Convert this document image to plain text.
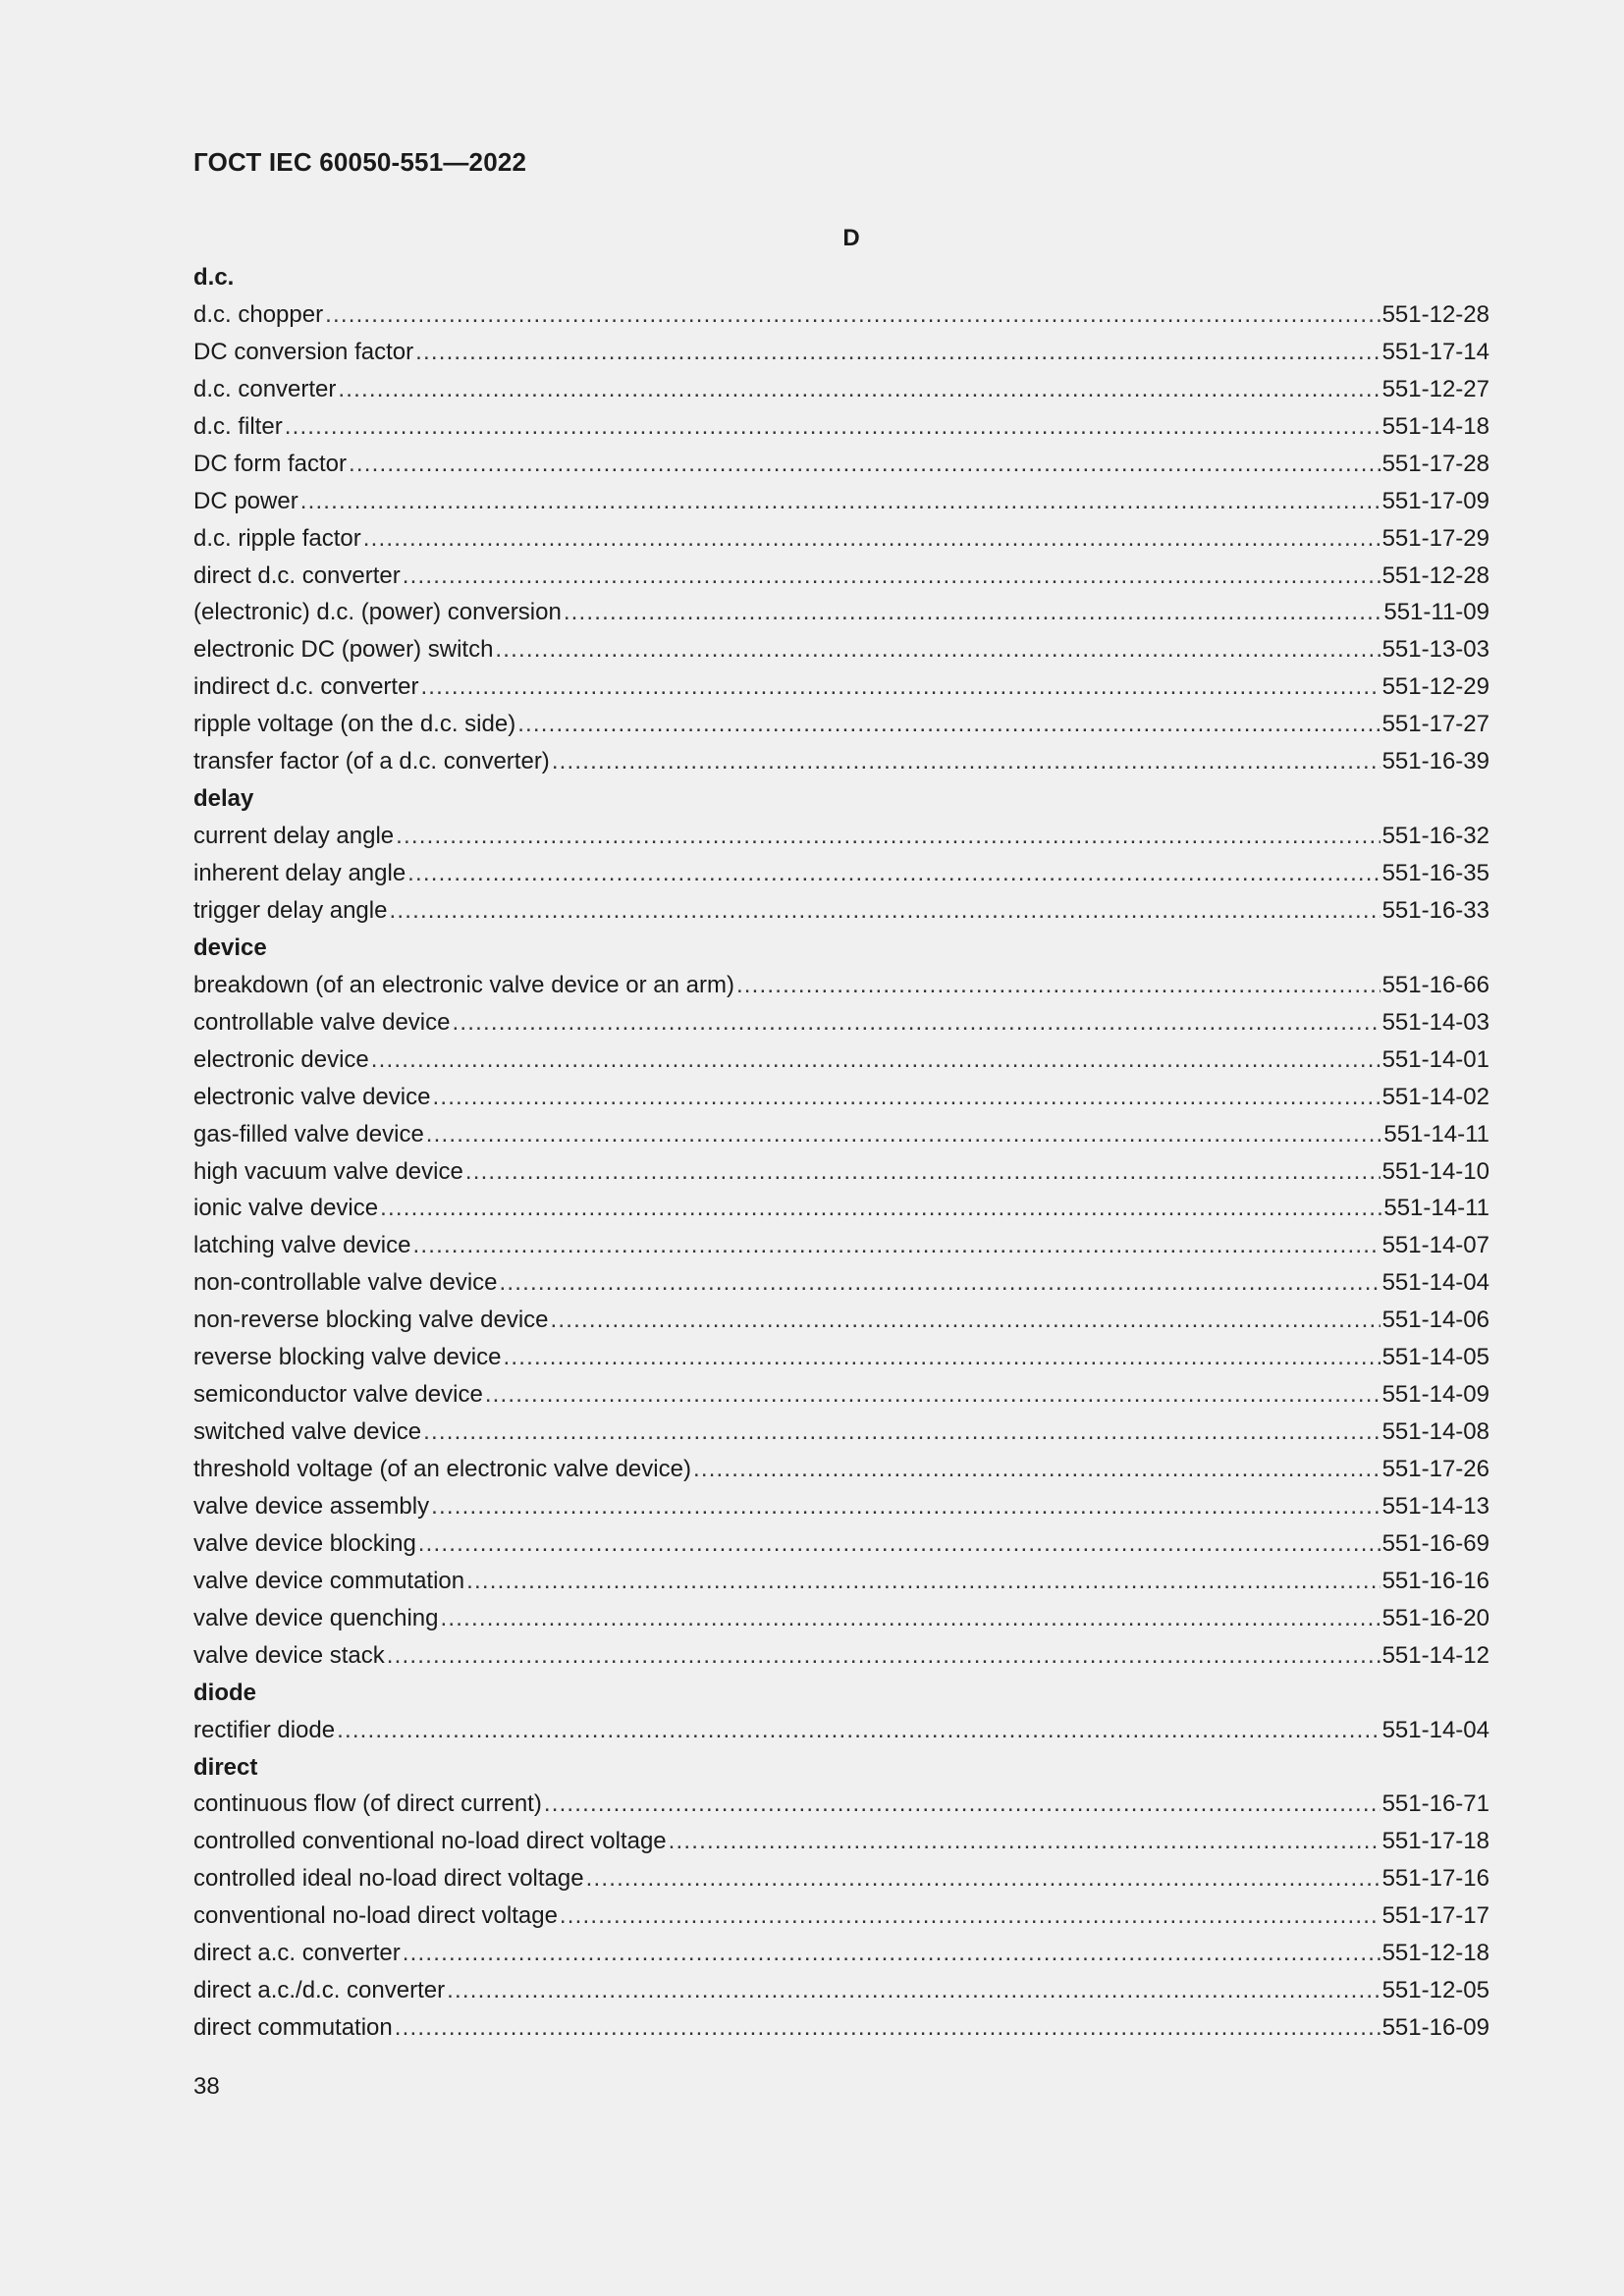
ГОСТ IEC 60050-551—2022
D
d.c.
d.c. chopper .....	551-12-28
DC conversion factor .....	551-17-14
d.c. converter .....	551-12-27
d.c. filter .....	551-14-18
DC form factor .....	551-17-28
DC power .....	551-17-09
d.c. ripple factor .....	551-17-29
direct d.c. converter .....	551-12-28
(electronic) d.c. (power) conversion .....	551-11-09
electronic DC (power) switch .....	551-13-03
indirect d.c. converter .....	551-12-29
ripple voltage (on the d.c. side) .....	551-17-27
transfer factor (of a d.c. converter) .....	551-16-39
delay
current delay angle .....	551-16-32
inherent delay angle .....	551-16-35
trigger delay angle .....	551-16-33
device
breakdown (of an electronic valve device or an arm) .....	551-16-66
controllable valve device .....	551-14-03
electronic device .....	551-14-01
electronic valve device .....	551-14-02
gas-filled valve device .....	551-14-11
high vacuum valve device .....	551-14-10
ionic valve device .....	551-14-11
latching valve device .....	551-14-07
non-controllable valve device .....	551-14-04
non-reverse blocking valve device .....	551-14-06
reverse blocking valve device .....	551-14-05
semiconductor valve device .....	551-14-09
switched valve device .....	551-14-08
threshold voltage (of an electronic valve device) .....	551-17-26
valve device assembly .....	551-14-13
valve device blocking .....	551-16-69
valve device commutation .....	551-16-16
valve device quenching .....	551-16-20
valve device stack .....	551-14-12
diode
rectifier diode .....	551-14-04
direct
continuous flow (of direct current) .....	551-16-71
controlled conventional no-load direct voltage .....	551-17-18
controlled ideal no-load direct voltage .....	551-17-16
conventional no-load direct voltage .....	551-17-17
direct a.c. converter .....	551-12-18
direct a.c./d.c. converter .....	551-12-05
direct commutation .....	551-16-09
38
